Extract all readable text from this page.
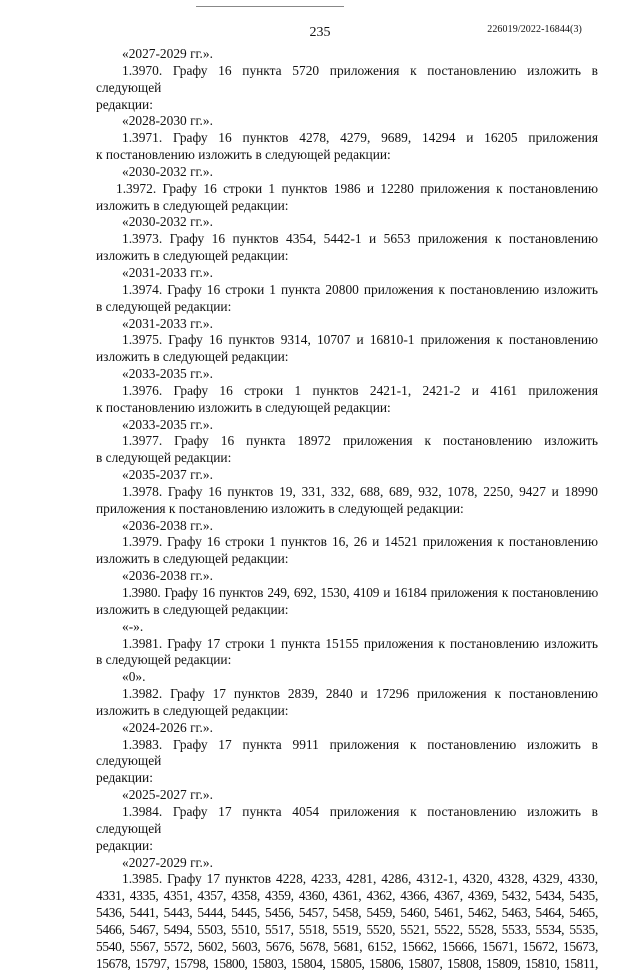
235	226019/2022-16844(3)

«2027-2029 гг.».

1.3970. Графу 16 пункта 5720 приложения к постановлению изложить в следующей

редакции:

«2028-2030 гг.».

1.3971. Графу 16 пунктов 4278, 4279, 9689, 14294 и 16205 приложения

к постановлению изложить в следующей редакции:

«2030-2032 гг.».

1.3972. Графу 16 строки 1 пунктов 1986 и 12280 приложения к постановлению

изложить в следующей редакции:

«2030-2032 гг.».

1.3973. Графу 16 пунктов 4354, 5442-1 и 5653 приложения к постановлению

изложить в следующей редакции:

«2031-2033 гг.».

1.3974. Графу 16 строки 1 пункта 20800 приложения к постановлению изложить

в следующей редакции:

«2031-2033 гг.».

1.3975. Графу 16 пунктов 9314, 10707 и 16810-1 приложения к постановлению

изложить в следующей редакции:

«2033-2035 гг.».

1.3976. Графу 16 строки 1 пунктов 2421-1, 2421-2 и 4161 приложения

к постановлению изложить в следующей редакции:

«2033-2035 гг.».

1.3977. Графу 16 пункта 18972 приложения к постановлению изложить

в следующей редакции:

«2035-2037 гг.».

1.3978. Графу 16 пунктов 19, 331, 332, 688, 689, 932, 1078, 2250, 9427 и 18990

приложения к постановлению изложить в следующей редакции:

«2036-2038 гг.».

1.3979. Графу 16 строки 1 пунктов 16, 26 и 14521 приложения к постановлению

изложить в следующей редакции:

«2036-2038 гг.».

1.3980. Графу 16 пунктов 249, 692, 1530, 4109 и 16184 приложения к постановлению

изложить в следующей редакции:

«-».

1.3981. Графу 17 строки 1 пункта 15155 приложения к постановлению изложить

в следующей редакции:

«0».

1.3982. Графу 17 пунктов 2839, 2840 и 17296 приложения к постановлению

изложить в следующей редакции:

«2024-2026 гг.».

1.3983. Графу 17 пункта 9911 приложения к постановлению изложить в следующей

редакции:

«2025-2027 гг.».

1.3984. Графу 17 пункта 4054 приложения к постановлению изложить в следующей

редакции:

«2027-2029 гг.».

1.3985. Графу 17 пунктов 4228, 4233, 4281, 4286, 4312-1, 4320, 4328, 4329, 4330,

4331, 4335, 4351, 4357, 4358, 4359, 4360, 4361, 4362, 4366, 4367, 4369, 5432, 5434, 5435,

5436, 5441, 5443, 5444, 5445, 5456, 5457, 5458, 5459, 5460, 5461, 5462, 5463, 5464, 5465,

5466, 5467, 5494, 5503, 5510, 5517, 5518, 5519, 5520, 5521, 5522, 5528, 5533, 5534, 5535,

5540, 5567, 5572, 5602, 5603, 5676, 5678, 5681, 6152, 15662, 15666, 15671, 15672, 15673,

15678, 15797, 15798, 15800, 15803, 15804, 15805, 15806, 15807, 15808, 15809, 15810, 15811,
